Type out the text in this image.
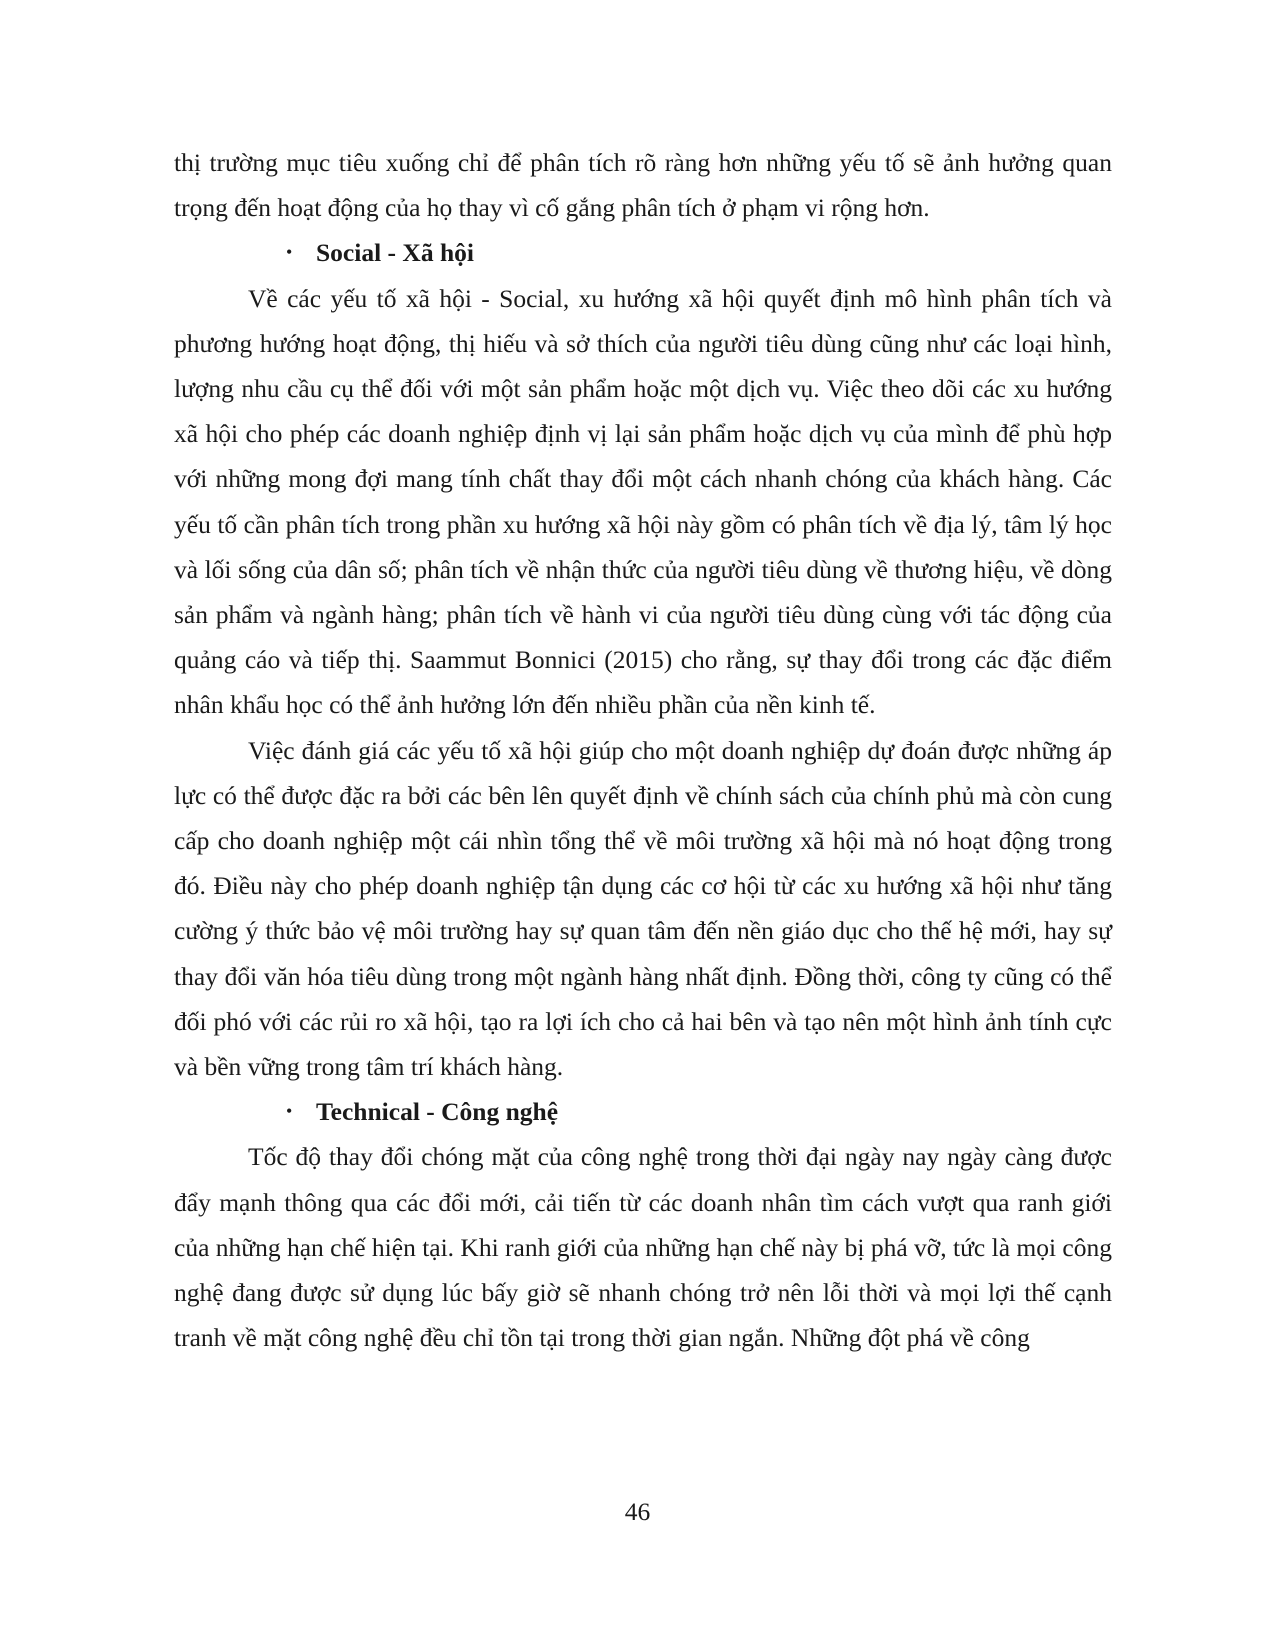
thị trường mục tiêu xuống chỉ để phân tích rõ ràng hơn những yếu tố sẽ ảnh hưởng quan trọng đến hoạt động của họ thay vì cố gắng phân tích ở phạm vi rộng hơn.

• Social - Xã hội

Về các yếu tố xã hội - Social, xu hướng xã hội quyết định mô hình phân tích và phương hướng hoạt động, thị hiếu và sở thích của người tiêu dùng cũng như các loại hình, lượng nhu cầu cụ thể đối với một sản phẩm hoặc một dịch vụ. Việc theo dõi các xu hướng xã hội cho phép các doanh nghiệp định vị lại sản phẩm hoặc dịch vụ của mình để phù hợp với những mong đợi mang tính chất thay đổi một cách nhanh chóng của khách hàng. Các yếu tố cần phân tích trong phần xu hướng xã hội này gồm có phân tích về địa lý, tâm lý học và lối sống của dân số; phân tích về nhận thức của người tiêu dùng về thương hiệu, về dòng sản phẩm và ngành hàng; phân tích về hành vi của người tiêu dùng cùng với tác động của quảng cáo và tiếp thị. Saammut Bonnici (2015) cho rằng, sự thay đổi trong các đặc điểm nhân khẩu học có thể ảnh hưởng lớn đến nhiều phần của nền kinh tế.

Việc đánh giá các yếu tố xã hội giúp cho một doanh nghiệp dự đoán được những áp lực có thể được đặc ra bởi các bên lên quyết định về chính sách của chính phủ mà còn cung cấp cho doanh nghiệp một cái nhìn tổng thể về môi trường xã hội mà nó hoạt động trong đó. Điều này cho phép doanh nghiệp tận dụng các cơ hội từ các xu hướng xã hội như tăng cường ý thức bảo vệ môi trường hay sự quan tâm đến nền giáo dục cho thế hệ mới, hay sự thay đổi văn hóa tiêu dùng trong một ngành hàng nhất định. Đồng thời, công ty cũng có thể đối phó với các rủi ro xã hội, tạo ra lợi ích cho cả hai bên và tạo nên một hình ảnh tính cực và bền vững trong tâm trí khách hàng.

• Technical - Công nghệ

Tốc độ thay đổi chóng mặt của công nghệ trong thời đại ngày nay ngày càng được đẩy mạnh thông qua các đổi mới, cải tiến từ các doanh nhân tìm cách vượt qua ranh giới của những hạn chế hiện tại. Khi ranh giới của những hạn chế này bị phá vỡ, tức là mọi công nghệ đang được sử dụng lúc bấy giờ sẽ nhanh chóng trở nên lỗi thời và mọi lợi thế cạnh tranh về mặt công nghệ đều chỉ tồn tại trong thời gian ngắn. Những đột phá về công

46
